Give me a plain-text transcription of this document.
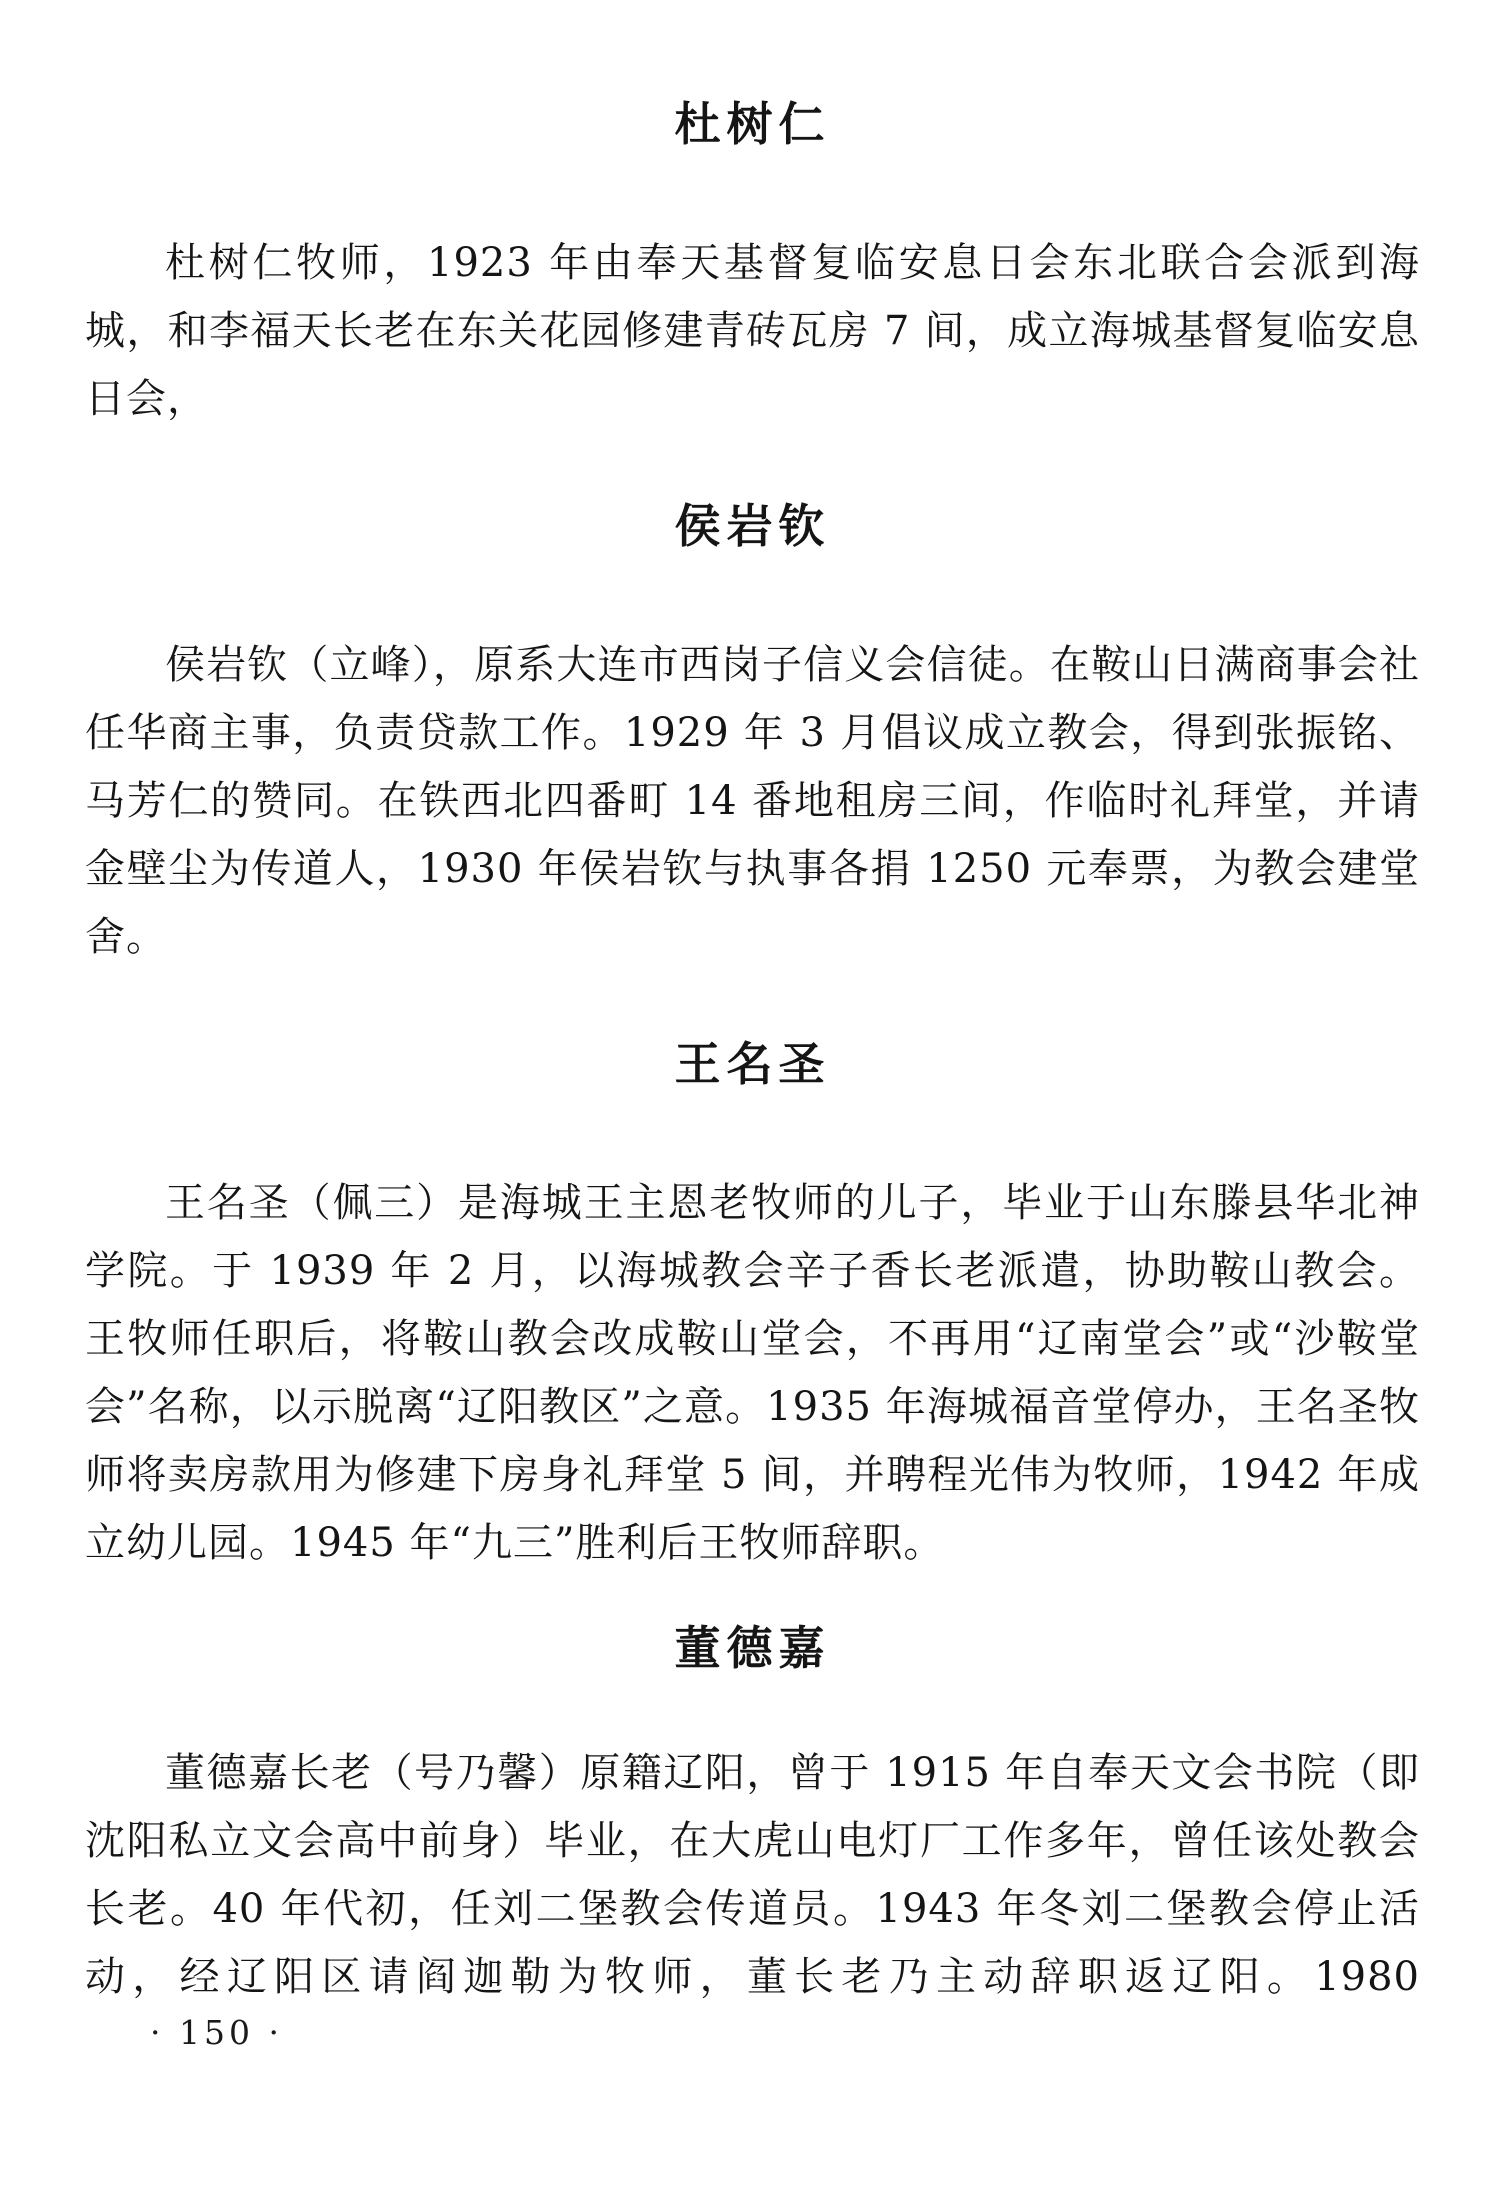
杜树仁

杜树仁牧师，1923 年由奉天基督复临安息日会东北联合会派到海城，和李福天长老在东关花园修建青砖瓦房 7 间，成立海城基督复临安息日会，

侯岩钦

侯岩钦（立峰），原系大连市西岗子信义会信徒。在鞍山日满商事会社任华商主事，负责贷款工作。1929 年 3 月倡议成立教会，得到张振铭、马芳仁的赞同。在铁西北四番町 14 番地租房三间，作临时礼拜堂，并请金壁尘为传道人，1930 年侯岩钦与执事各捐 1250 元奉票，为教会建堂舍。

王名圣

王名圣（佩三）是海城王主恩老牧师的儿子，毕业于山东滕县华北神学院。于 1939 年 2 月，以海城教会辛子香长老派遣，协助鞍山教会。王牧师任职后，将鞍山教会改成鞍山堂会，不再用“辽南堂会”或“沙鞍堂会”名称，以示脱离“辽阳教区”之意。1935 年海城福音堂停办，王名圣牧师将卖房款用为修建下房身礼拜堂 5 间，并聘程光伟为牧师，1942 年成立幼儿园。1945 年“九三”胜利后王牧师辞职。

董德嘉

董德嘉长老（号乃馨）原籍辽阳，曾于 1915 年自奉天文会书院（即沈阳私立文会高中前身）毕业，在大虎山电灯厂工作多年，曾任该处教会长老。40 年代初，任刘二堡教会传道员。1943 年冬刘二堡教会停止活动，经辽阳区请阎迦勒为牧师，董长老乃主动辞职返辽阳。1980

· 150 ·
